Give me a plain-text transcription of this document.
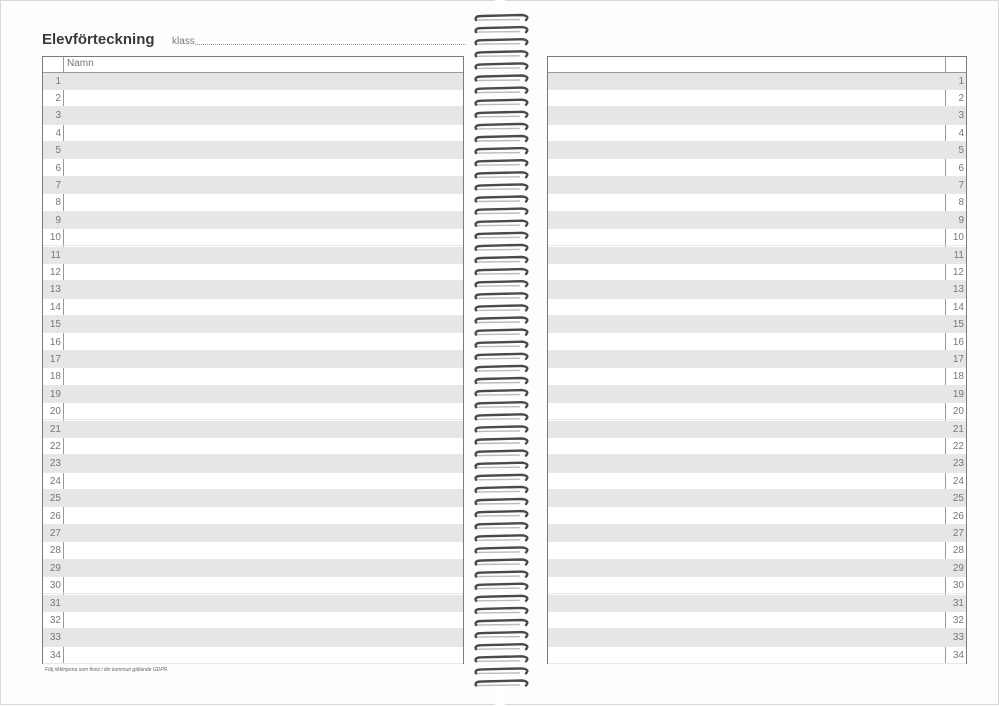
Elevförteckning klass
Följ riktlinjerna som finns i din kommun gällande GDPR.
Namn
1
2
3
4
5
6
7
8
9
10
11
12
13
14
15
16
17
18
19
20
21
22
23
24
25
26
27
28
29
30
31
32
33
34
1
2
3
4
5
6
7
8
9
10
11
12
13
14
15
16
17
18
19
20
21
22
23
24
25
26
27
28
29
30
31
32
33
34
